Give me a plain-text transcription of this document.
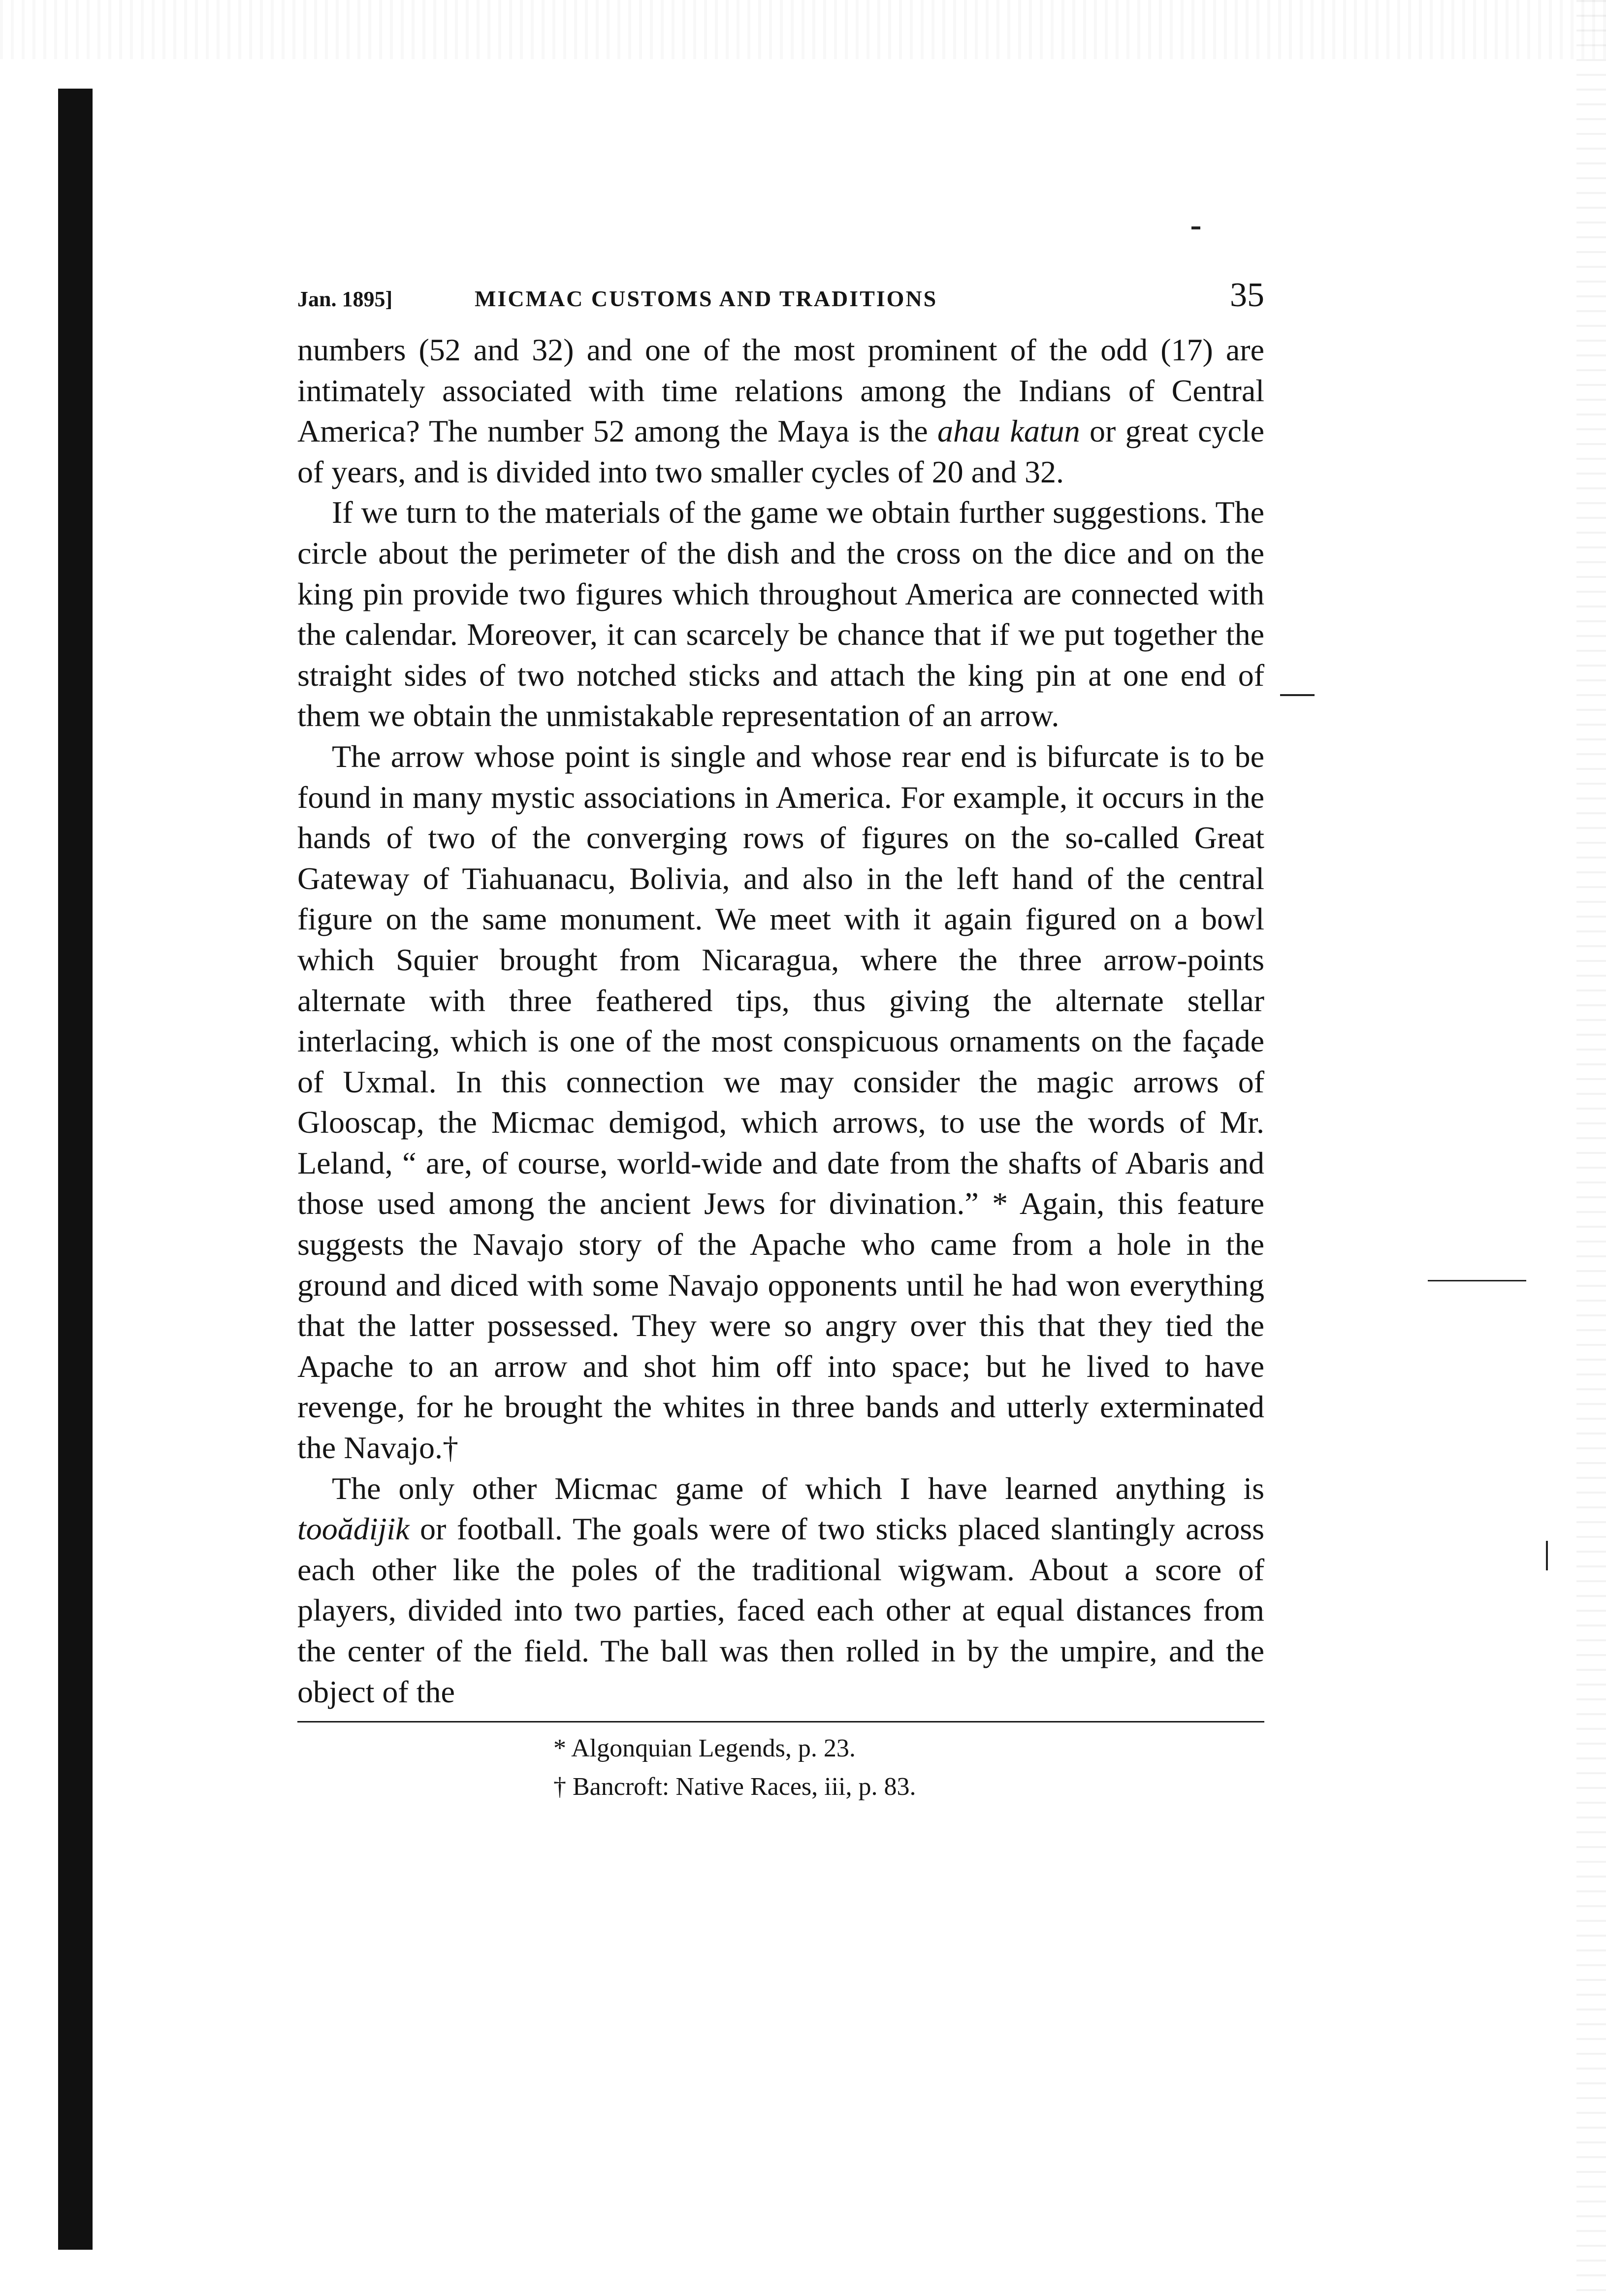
Jan. 1895]	MICMAC CUSTOMS AND TRADITIONS	35

numbers (52 and 32) and one of the most prominent of the odd (17) are intimately associated with time relations among the Indians of Central America? The number 52 among the Maya is the ahau katun or great cycle of years, and is divided into two smaller cycles of 20 and 32.

If we turn to the materials of the game we obtain further suggestions. The circle about the perimeter of the dish and the cross on the dice and on the king pin provide two figures which throughout America are connected with the calendar. Moreover, it can scarcely be chance that if we put together the straight sides of two notched sticks and attach the king pin at one end of them we obtain the unmistakable representation of an arrow.

The arrow whose point is single and whose rear end is bifurcate is to be found in many mystic associations in America. For example, it occurs in the hands of two of the converging rows of figures on the so-called Great Gateway of Tiahuanacu, Bolivia, and also in the left hand of the central figure on the same monument. We meet with it again figured on a bowl which Squier brought from Nicaragua, where the three arrow-points alternate with three feathered tips, thus giving the alternate stellar interlacing, which is one of the most conspicuous ornaments on the façade of Uxmal. In this connection we may consider the magic arrows of Glooscap, the Micmac demigod, which arrows, to use the words of Mr. Leland, “ are, of course, world-wide and date from the shafts of Abaris and those used among the ancient Jews for divination.” * Again, this feature suggests the Navajo story of the Apache who came from a hole in the ground and diced with some Navajo opponents until he had won everything that the latter possessed. They were so angry over this that they tied the Apache to an arrow and shot him off into space; but he lived to have revenge, for he brought the whites in three bands and utterly exterminated the Navajo.†

The only other Micmac game of which I have learned anything is tooădijik or football. The goals were of two sticks placed slantingly across each other like the poles of the traditional wigwam. About a score of players, divided into two parties, faced each other at equal distances from the center of the field. The ball was then rolled in by the umpire, and the object of the

* Algonquian Legends, p. 23.
† Bancroft: Native Races, iii, p. 83.
